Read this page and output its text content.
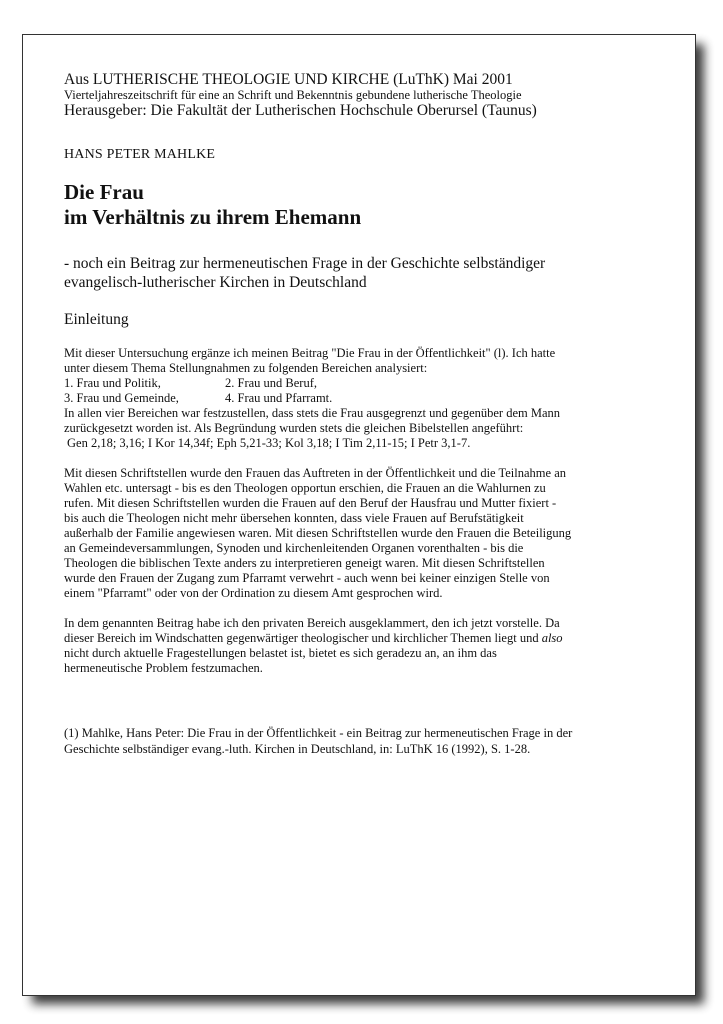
Aus LUTHERISCHE THEOLOGIE UND KIRCHE (LuThK) Mai 2001

Vierteljahreszeitschrift für eine an Schrift und Bekenntnis gebundene lutherische Theologie

Herausgeber: Die Fakultät der Lutherischen Hochschule Oberursel (Taunus)

HANS PETER MAHLKE

Die Frau
im Verhältnis zu ihrem Ehemann

- noch ein Beitrag zur hermeneutischen Frage in der Geschichte selbständiger
evangelisch-lutherischer Kirchen in Deutschland

Einleitung

Mit dieser Untersuchung ergänze ich meinen Beitrag "Die Frau in der Öffentlichkeit" (l). Ich hatte
unter diesem Thema Stellungnahmen zu folgenden Bereichen analysiert:
1. Frau und Politik,	2. Frau und Beruf,
3. Frau und Gemeinde,	4. Frau und Pfarramt.
In allen vier Bereichen war festzustellen, dass stets die Frau ausgegrenzt und gegenüber dem Mann
zurückgesetzt worden ist. Als Begründung wurden stets die gleichen Bibelstellen angeführt:
Gen 2,18; 3,16; I Kor 14,34f; Eph 5,21-33; Kol 3,18; I Tim 2,11-15; I Petr 3,1-7.
Mit diesen Schriftstellen wurde den Frauen das Auftreten in der Öffentlichkeit und die Teilnahme an
Wahlen etc. untersagt - bis es den Theologen opportun erschien, die Frauen an die Wahlurnen zu
rufen. Mit diesen Schriftstellen wurden die Frauen auf den Beruf der Hausfrau und Mutter fixiert -
bis auch die Theologen nicht mehr übersehen konnten, dass viele Frauen auf Berufstätigkeit
außerhalb der Familie angewiesen waren. Mit diesen Schriftstellen wurde den Frauen die Beteiligung
an Gemeindeversammlungen, Synoden und kirchenleitenden Organen vorenthalten - bis die
Theologen die biblischen Texte anders zu interpretieren geneigt waren. Mit diesen Schriftstellen
wurde den Frauen der Zugang zum Pfarramt verwehrt - auch wenn bei keiner einzigen Stelle von
einem "Pfarramt" oder von der Ordination zu diesem Amt gesprochen wird.
In dem genannten Beitrag habe ich den privaten Bereich ausgeklammert, den ich jetzt vorstelle. Da
dieser Bereich im Windschatten gegenwärtiger theologischer und kirchlicher Themen liegt und also
nicht durch aktuelle Fragestellungen belastet ist, bietet es sich geradezu an, an ihm das
hermeneutische Problem festzumachen.
(1) Mahlke, Hans Peter: Die Frau in der Öffentlichkeit - ein Beitrag zur hermeneutischen Frage in der
Geschichte selbständiger evang.-luth. Kirchen in Deutschland, in: LuThK 16 (1992), S. 1-28.
